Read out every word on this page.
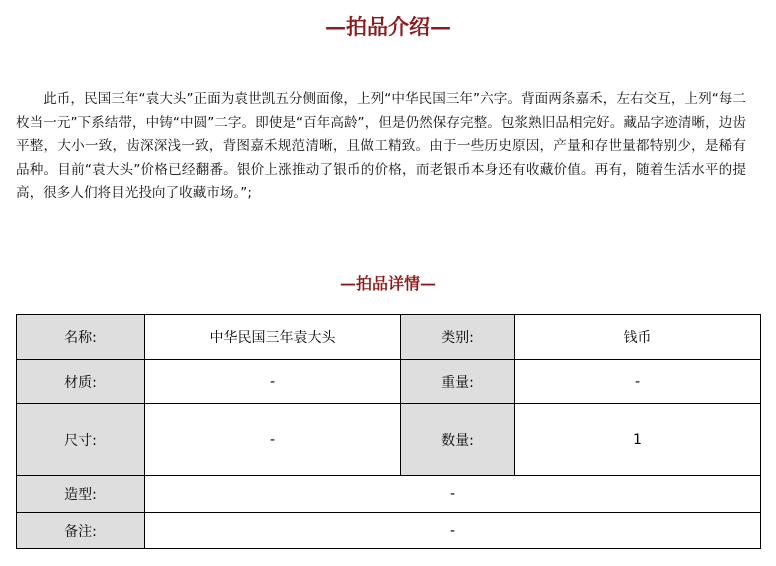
—拍品介绍—

此币，民国三年“袁大头”正面为袁世凯五分侧面像，上列“中华民国三年”六字。背面两条嘉禾，左右交互，上列“每二枚当一元”下系结带，中铸“中圆”二字。即使是“百年高龄”，但是仍然保存完整。包浆熟旧品相完好。藏品字迹清晰，边齿平整，大小一致，齿深深浅一致，背图嘉禾规范清晰，且做工精致。由于一些历史原因，产量和存世量都特别少，是稀有品种。目前“袁大头”价格已经翻番。银价上涨推动了银币的价格，而老银币本身还有收藏价值。再有，随着生活水平的提高，很多人们将目光投向了收藏市场。”;

—拍品详情—
名称:	中华民国三年袁大头	类别:	钱币
材质:	-	重量:	-
尺寸:	-	数量:	1
造型:	-		
备注:	-		
